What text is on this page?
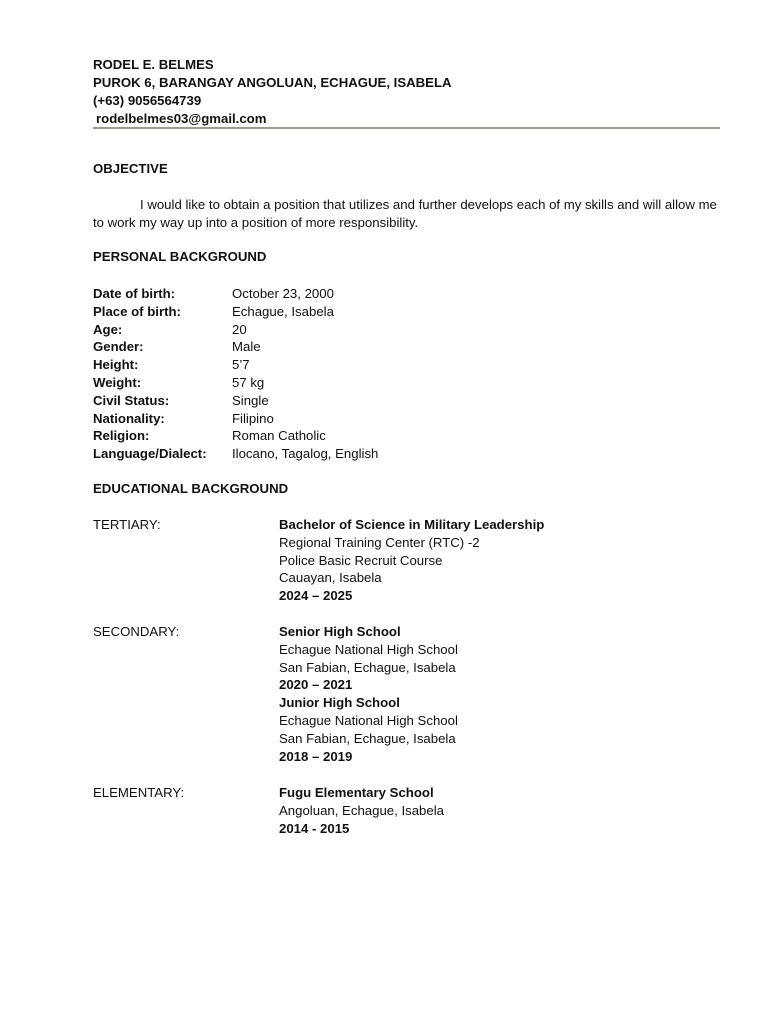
RODEL E. BELMES
PUROK 6, BARANGAY ANGOLUAN, ECHAGUE, ISABELA
(+63) 9056564739
rodelbelmes03@gmail.com
OBJECTIVE
I would like to obtain a position that utilizes and further develops each of my skills and will allow me to work my way up into a position of more responsibility.
PERSONAL BACKGROUND
Date of birth:	October 23, 2000
Place of birth:	Echague, Isabela
Age:	20
Gender:	Male
Height:	5’7
Weight:	57 kg
Civil Status:	Single
Nationality:	Filipino
Religion:	Roman Catholic
Language/Dialect:	Ilocano, Tagalog, English
EDUCATIONAL BACKGROUND
TERTIARY:	Bachelor of Science in Military Leadership
Regional Training Center (RTC) -2
Police Basic Recruit Course
Cauayan, Isabela
2024 – 2025
SECONDARY:	Senior High School
Echague National High School
San Fabian, Echague, Isabela
2020 – 2021
Junior High School
Echague National High School
San Fabian, Echague, Isabela
2018 – 2019
ELEMENTARY:	Fugu Elementary School
Angoluan, Echague, Isabela
2014 - 2015
